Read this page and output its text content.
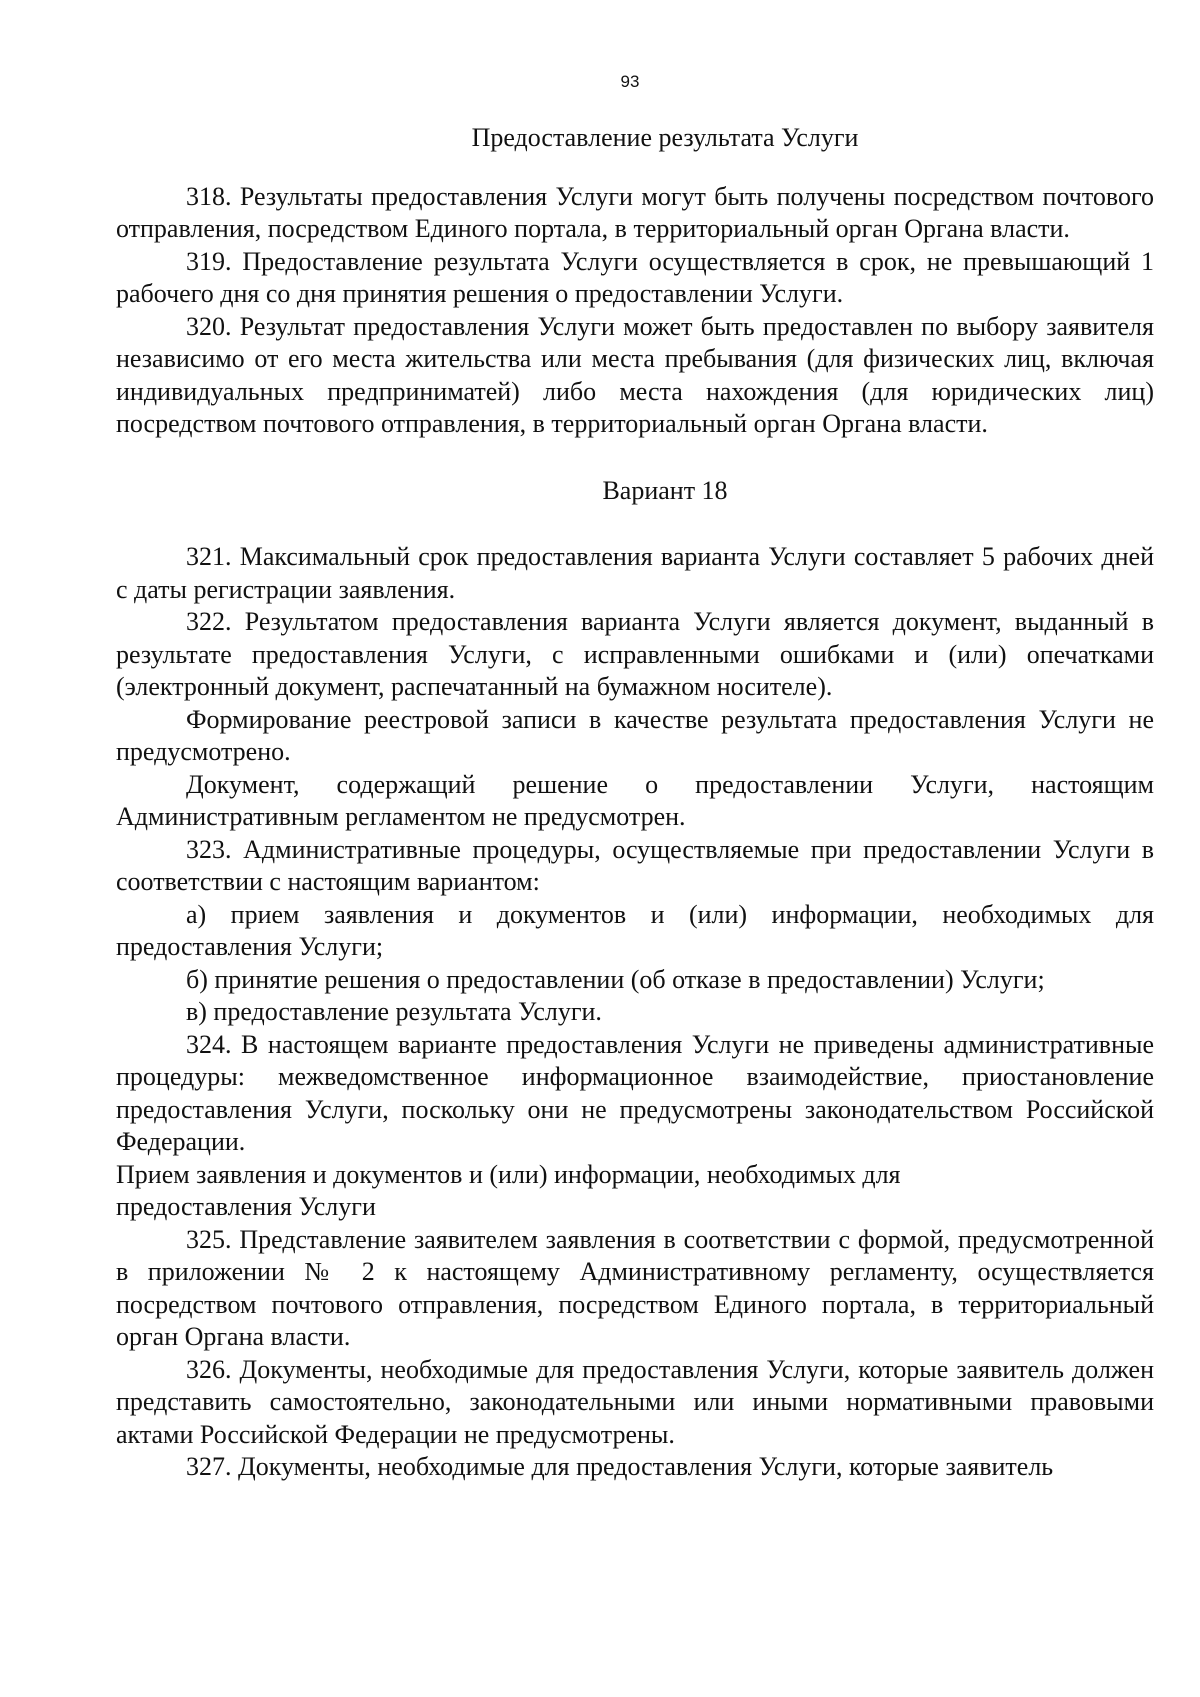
93
Предоставление результата Услуги

318. Результаты предоставления Услуги могут быть получены посредством почтового отправления, посредством Единого портала, в территориальный орган Органа власти.

319. Предоставление результата Услуги осуществляется в срок, не превышающий 1 рабочего дня со дня принятия решения о предоставлении Услуги.

320. Результат предоставления Услуги может быть предоставлен по выбору заявителя независимо от его места жительства или места пребывания (для физических лиц, включая индивидуальных предприниматей) либо места нахождения (для юридических лиц) посредством почтового отправления, в территориальный орган Органа власти.

Вариант 18

321. Максимальный срок предоставления варианта Услуги составляет 5 рабочих дней с даты регистрации заявления.

322. Результатом предоставления варианта Услуги является документ, выданный в результате предоставления Услуги, с исправленными ошибками и (или) опечатками (электронный документ, распечатанный на бумажном носителе).

Формирование реестровой записи в качестве результата предоставления Услуги не предусмотрено.

Документ, содержащий решение о предоставлении Услуги, настоящим Административным регламентом не предусмотрен.

323. Административные процедуры, осуществляемые при предоставлении Услуги в соответствии с настоящим вариантом:

а) прием заявления и документов и (или) информации, необходимых для предоставления Услуги;

б) принятие решения о предоставлении (об отказе в предоставлении) Услуги;

в) предоставление результата Услуги.

324. В настоящем варианте предоставления Услуги не приведены административные процедуры: межведомственное информационное взаимодействие, приостановление предоставления Услуги, поскольку они не предусмотрены законодательством Российской Федерации.

Прием заявления и документов и (или) информации, необходимых для

предоставления Услуги

325. Представление заявителем заявления в соответствии с формой, предусмотренной в приложении № 2 к настоящему Административному регламенту, осуществляется посредством почтового отправления, посредством Единого портала, в территориальный орган Органа власти.

326. Документы, необходимые для предоставления Услуги, которые заявитель должен представить самостоятельно, законодательными или иными нормативными правовыми актами Российской Федерации не предусмотрены.

327. Документы, необходимые для предоставления Услуги, которые заявитель
